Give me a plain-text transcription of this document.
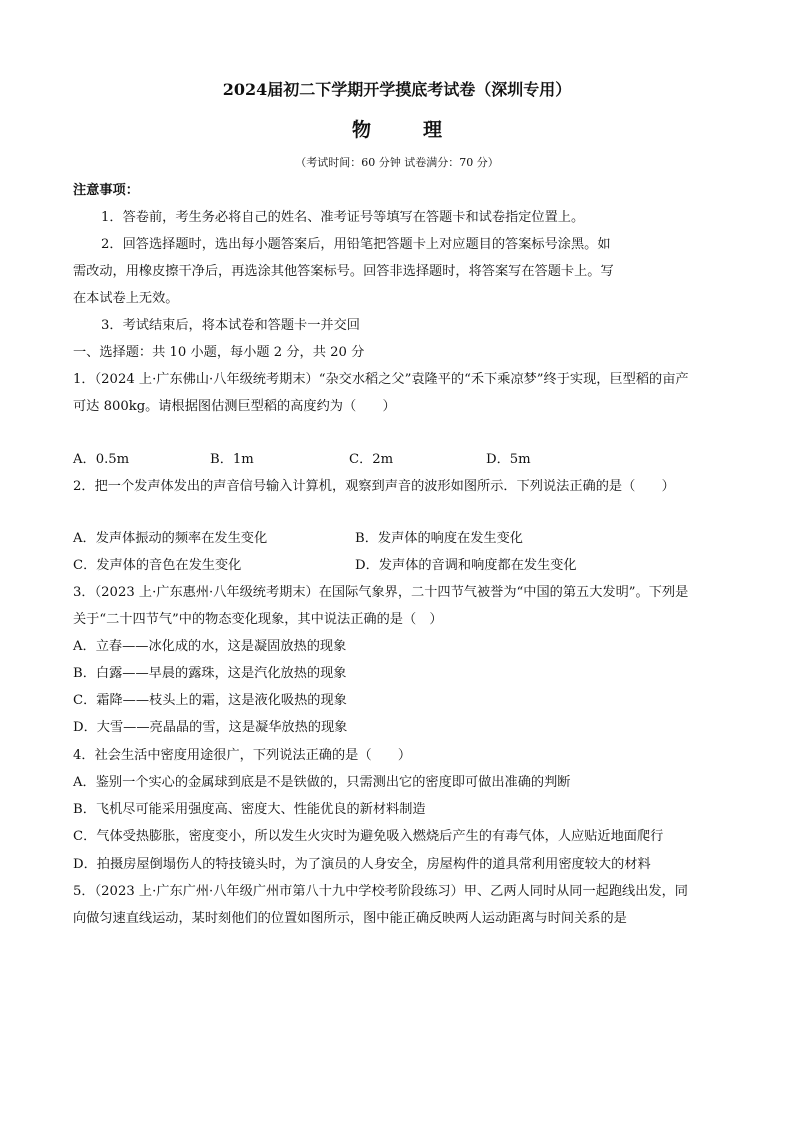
2024届初二下学期开学摸底考试卷（深圳专用）
物	理
（考试时间：60 分钟 试卷满分：70 分）
注意事项：
1．答卷前，考生务必将自己的姓名、准考证号等填写在答题卡和试卷指定位置上。
2．回答选择题时，选出每小题答案后，用铅笔把答题卡上对应题目的答案标号涂黑。如
需改动，用橡皮擦干净后，再选涂其他答案标号。回答非选择题时，将答案写在答题卡上。写
在本试卷上无效。
3．考试结束后，将本试卷和答题卡一并交回
一、选择题：共 10 小题，每小题 2 分，共 20 分
1．（2024 上·广东佛山·八年级统考期末）“杂交水稻之父”袁隆平的“禾下乘凉梦”终于实现，巨型稻的亩产
可达 800kg。请根据图估测巨型稻的高度约为（　　）
A．0.5m	B．1m	C．2m	D．5m
2．把一个发声体发出的声音信号输入计算机，观察到声音的波形如图所示．下列说法正确的是（　　）
A．发声体振动的频率在发生变化	B．发声体的响度在发生变化
C．发声体的音色在发生变化	D．发声体的音调和响度都在发生变化
3．（2023 上·广东惠州·八年级统考期末）在国际气象界，二十四节气被誉为“中国的第五大发明”。下列是
关于“二十四节气”中的物态变化现象，其中说法正确的是（　）
A．立春——冰化成的水，这是凝固放热的现象
B．白露——早晨的露珠，这是汽化放热的现象
C．霜降——枝头上的霜，这是液化吸热的现象
D．大雪——亮晶晶的雪，这是凝华放热的现象
4．社会生活中密度用途很广，下列说法正确的是（　　）
A．鉴别一个实心的金属球到底是不是铁做的，只需测出它的密度即可做出准确的判断
B．飞机尽可能采用强度高、密度大、性能优良的新材料制造
C．气体受热膨胀，密度变小，所以发生火灾时为避免吸入燃烧后产生的有毒气体，人应贴近地面爬行
D．拍摄房屋倒塌伤人的特技镜头时，为了演员的人身安全，房屋构件的道具常利用密度较大的材料
5．（2023 上·广东广州·八年级广州市第八十九中学校考阶段练习）甲、乙两人同时从同一起跑线出发，同
向做匀速直线运动，某时刻他们的位置如图所示，图中能正确反映两人运动距离与时间关系的是
